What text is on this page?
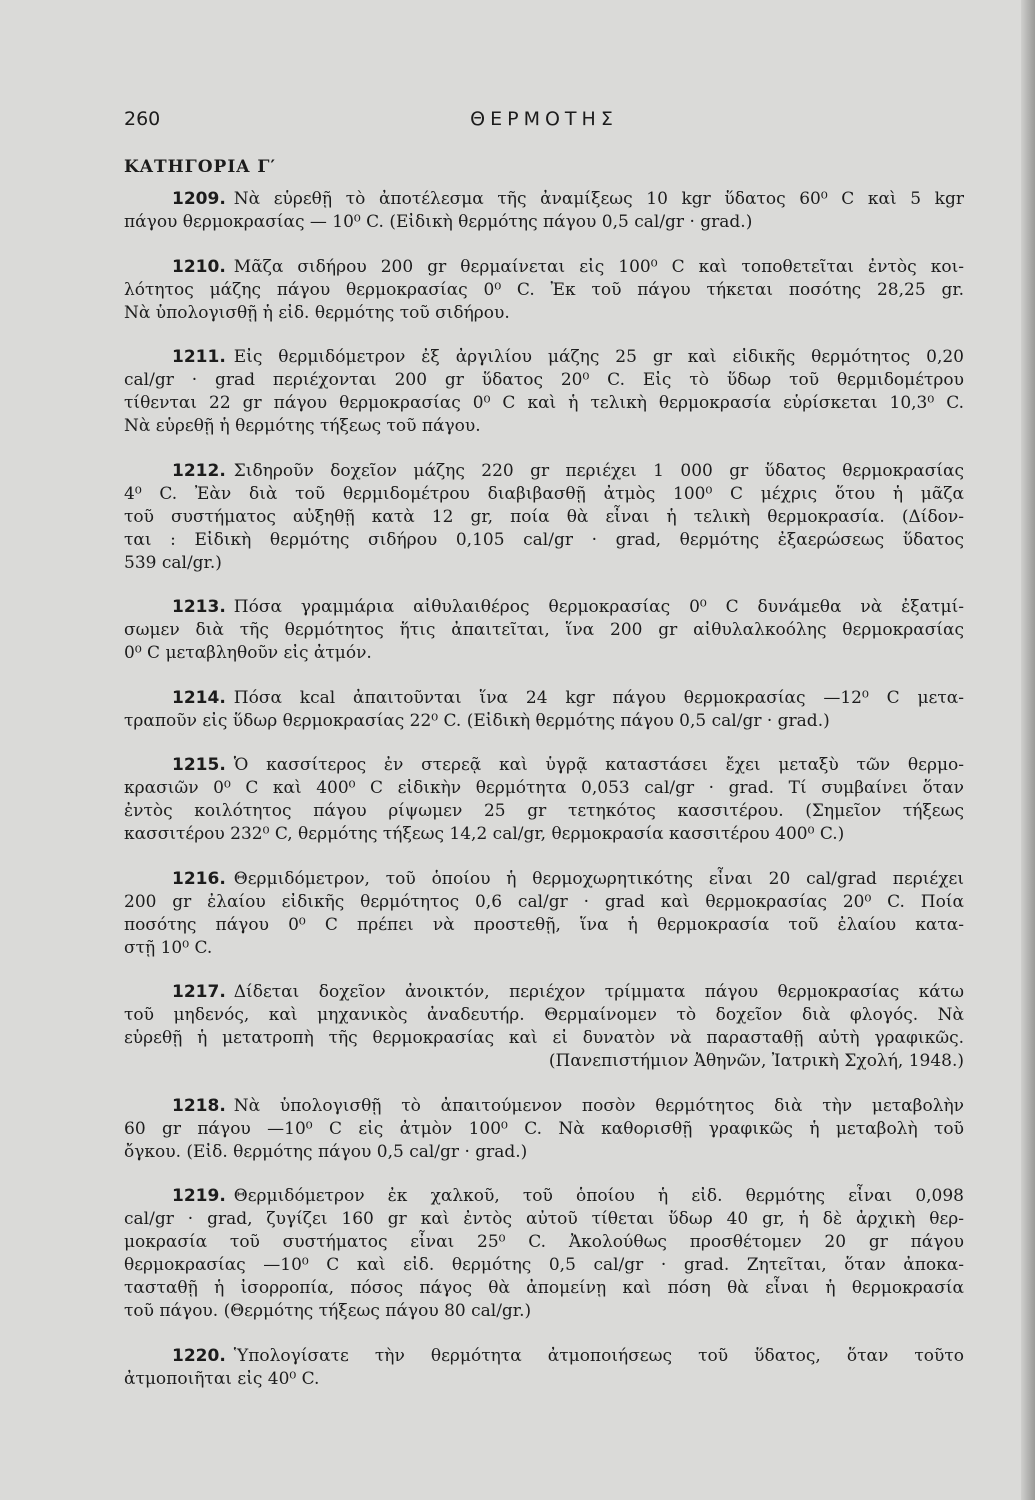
260	ΘΕΡΜΟΤΗΣ
ΚΑΤΗΓΟΡΙΑ Γ′
1209. Νὰ εὑρεθῇ τὸ ἀποτέλεσμα τῆς ἀναμίξεως 10 kgr ὕδατος 60⁰ C καὶ 5 kgr
πάγου θερμοκρασίας — 10⁰ C. (Εἰδικὴ θερμότης πάγου 0,5 cal/gr · grad.)
1210. Μᾶζα σιδήρου 200 gr θερμαίνεται εἰς 100⁰ C καὶ τοποθετεῖται ἐντὸς κοι-
λότητος μάζης πάγου θερμοκρασίας 0⁰ C. Ἐκ τοῦ πάγου τήκεται ποσότης 28,25 gr.
Νὰ ὑπολογισθῇ ἡ εἰδ. θερμότης τοῦ σιδήρου.
1211. Εἰς θερμιδόμετρον ἐξ ἀργιλίου μάζης 25 gr καὶ εἰδικῆς θερμότητος 0,20
cal/gr · grad περιέχονται 200 gr ὕδατος 20⁰ C. Εἰς τὸ ὕδωρ τοῦ θερμιδομέτρου
τίθενται 22 gr πάγου θερμοκρασίας 0⁰ C καὶ ἡ τελικὴ θερμοκρασία εὑρίσκεται 10,3⁰ C.
Νὰ εὑρεθῇ ἡ θερμότης τήξεως τοῦ πάγου.
1212. Σιδηροῦν δοχεῖον μάζης 220 gr περιέχει 1 000 gr ὕδατος θερμοκρασίας
4⁰ C. Ἐὰν διὰ τοῦ θερμιδομέτρου διαβιβασθῇ ἀτμὸς 100⁰ C μέχρις ὅτου ἡ μᾶζα
τοῦ συστήματος αὐξηθῇ κατὰ 12 gr, ποία θὰ εἶναι ἡ τελικὴ θερμοκρασία. (Δίδον-
ται : Εἰδικὴ θερμότης σιδήρου 0,105 cal/gr · grad, θερμότης ἐξαερώσεως ὕδατος
539 cal/gr.)
1213. Πόσα γραμμάρια αἰθυλαιθέρος θερμοκρασίας 0⁰ C δυνάμεθα νὰ ἐξατμί-
σωμεν διὰ τῆς θερμότητος ἥτις ἀπαιτεῖται, ἵνα 200 gr αἰθυλαλκοόλης θερμοκρασίας
0⁰ C μεταβληθοῦν εἰς ἀτμόν.
1214. Πόσα kcal ἀπαιτοῦνται ἵνα 24 kgr πάγου θερμοκρασίας —12⁰ C μετα-
τραποῦν εἰς ὕδωρ θερμοκρασίας 22⁰ C. (Εἰδικὴ θερμότης πάγου 0,5 cal/gr · grad.)
1215. Ὁ κασσίτερος ἐν στερεᾷ καὶ ὑγρᾷ καταστάσει ἔχει μεταξὺ τῶν θερμο-
κρασιῶν 0⁰ C καὶ 400⁰ C εἰδικὴν θερμότητα 0,053 cal/gr · grad. Τί συμβαίνει ὅταν
ἐντὸς κοιλότητος πάγου ρίψωμεν 25 gr τετηκότος κασσιτέρου. (Σημεῖον τήξεως
κασσιτέρου 232⁰ C, θερμότης τήξεως 14,2 cal/gr, θερμοκρασία κασσιτέρου 400⁰ C.)
1216. Θερμιδόμετρον, τοῦ ὁποίου ἡ θερμοχωρητικότης εἶναι 20 cal/grad περιέχει
200 gr ἐλαίου εἰδικῆς θερμότητος 0,6 cal/gr · grad καὶ θερμοκρασίας 20⁰ C. Ποία
ποσότης πάγου 0⁰ C πρέπει νὰ προστεθῇ, ἵνα ἡ θερμοκρασία τοῦ ἐλαίου κατα-
στῇ 10⁰ C.
1217. Δίδεται δοχεῖον ἀνοικτόν, περιέχον τρίμματα πάγου θερμοκρασίας κάτω
τοῦ μηδενός, καὶ μηχανικὸς ἀναδευτήρ. Θερμαίνομεν τὸ δοχεῖον διὰ φλογός. Νὰ
εὑρεθῇ ἡ μετατροπὴ τῆς θερμοκρασίας καὶ εἰ δυνατὸν νὰ παρασταθῇ αὐτὴ γραφικῶς.
(Πανεπιστήμιον Ἀθηνῶν, Ἰατρικὴ Σχολή, 1948.)
1218. Νὰ ὑπολογισθῇ τὸ ἀπαιτούμενον ποσὸν θερμότητος διὰ τὴν μεταβολὴν
60 gr πάγου —10⁰ C εἰς ἀτμὸν 100⁰ C. Νὰ καθορισθῇ γραφικῶς ἡ μεταβολὴ τοῦ
ὄγκου. (Εἰδ. θερμότης πάγου 0,5 cal/gr · grad.)
1219. Θερμιδόμετρον ἐκ χαλκοῦ, τοῦ ὁποίου ἡ εἰδ. θερμότης εἶναι 0,098
cal/gr · grad, ζυγίζει 160 gr καὶ ἐντὸς αὐτοῦ τίθεται ὕδωρ 40 gr, ἡ δὲ ἀρχικὴ θερ-
μοκρασία τοῦ συστήματος εἶναι 25⁰ C. Ἀκολούθως προσθέτομεν 20 gr πάγου
θερμοκρασίας —10⁰ C καὶ εἰδ. θερμότης 0,5 cal/gr · grad. Ζητεῖται, ὅταν ἀποκα-
τασταθῇ ἡ ἰσορροπία, πόσος πάγος θὰ ἀπομείνῃ καὶ πόση θὰ εἶναι ἡ θερμοκρασία
τοῦ πάγου. (Θερμότης τήξεως πάγου 80 cal/gr.)
1220. Ὑπολογίσατε τὴν θερμότητα ἀτμοποιήσεως τοῦ ὕδατος, ὅταν τοῦτο
ἀτμοποιῆται εἰς 40⁰ C.
